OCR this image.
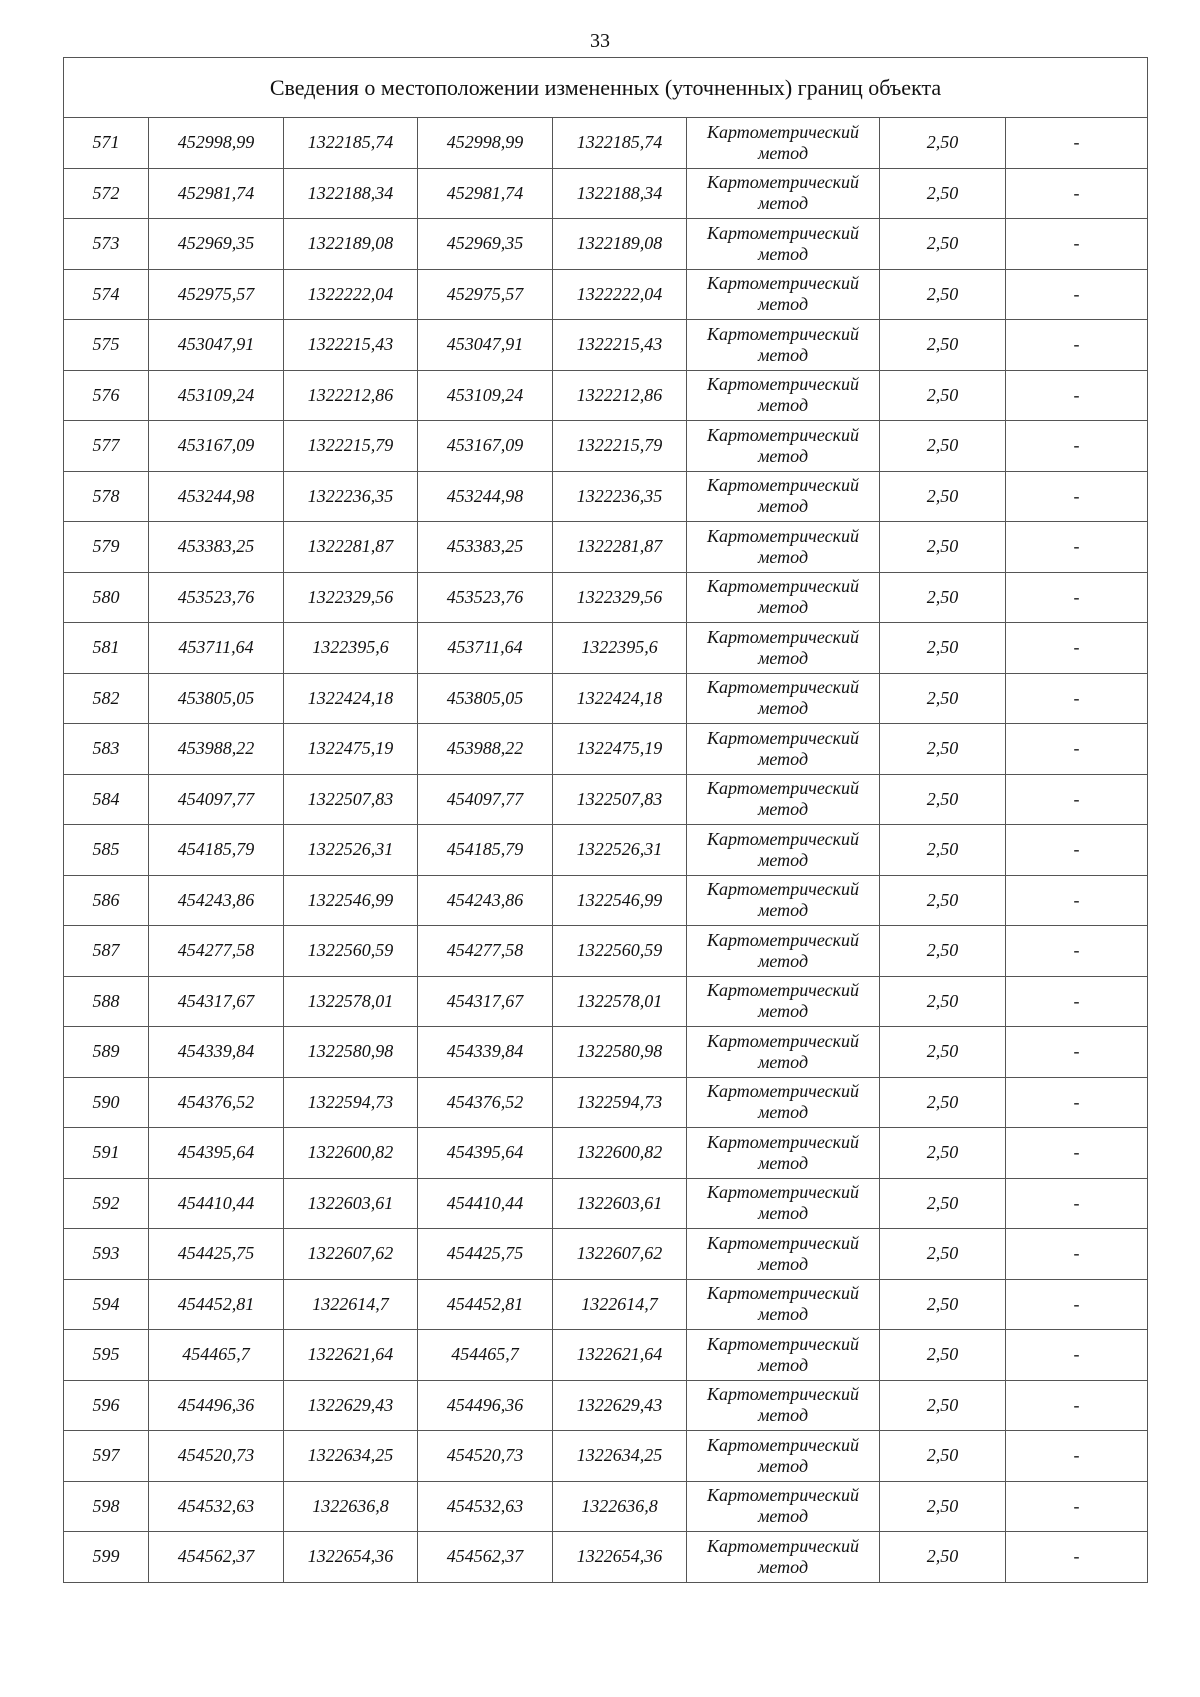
33
Сведения о местоположении измененных (уточненных) границ объекта							
571	452998,99	1322185,74	452998,99	1322185,74	Картометрический метод	2,50	-
572	452981,74	1322188,34	452981,74	1322188,34	Картометрический метод	2,50	-
573	452969,35	1322189,08	452969,35	1322189,08	Картометрический метод	2,50	-
574	452975,57	1322222,04	452975,57	1322222,04	Картометрический метод	2,50	-
575	453047,91	1322215,43	453047,91	1322215,43	Картометрический метод	2,50	-
576	453109,24	1322212,86	453109,24	1322212,86	Картометрический метод	2,50	-
577	453167,09	1322215,79	453167,09	1322215,79	Картометрический метод	2,50	-
578	453244,98	1322236,35	453244,98	1322236,35	Картометрический метод	2,50	-
579	453383,25	1322281,87	453383,25	1322281,87	Картометрический метод	2,50	-
580	453523,76	1322329,56	453523,76	1322329,56	Картометрический метод	2,50	-
581	453711,64	1322395,6	453711,64	1322395,6	Картометрический метод	2,50	-
582	453805,05	1322424,18	453805,05	1322424,18	Картометрический метод	2,50	-
583	453988,22	1322475,19	453988,22	1322475,19	Картометрический метод	2,50	-
584	454097,77	1322507,83	454097,77	1322507,83	Картометрический метод	2,50	-
585	454185,79	1322526,31	454185,79	1322526,31	Картометрический метод	2,50	-
586	454243,86	1322546,99	454243,86	1322546,99	Картометрический метод	2,50	-
587	454277,58	1322560,59	454277,58	1322560,59	Картометрический метод	2,50	-
588	454317,67	1322578,01	454317,67	1322578,01	Картометрический метод	2,50	-
589	454339,84	1322580,98	454339,84	1322580,98	Картометрический метод	2,50	-
590	454376,52	1322594,73	454376,52	1322594,73	Картометрический метод	2,50	-
591	454395,64	1322600,82	454395,64	1322600,82	Картометрический метод	2,50	-
592	454410,44	1322603,61	454410,44	1322603,61	Картометрический метод	2,50	-
593	454425,75	1322607,62	454425,75	1322607,62	Картометрический метод	2,50	-
594	454452,81	1322614,7	454452,81	1322614,7	Картометрический метод	2,50	-
595	454465,7	1322621,64	454465,7	1322621,64	Картометрический метод	2,50	-
596	454496,36	1322629,43	454496,36	1322629,43	Картометрический метод	2,50	-
597	454520,73	1322634,25	454520,73	1322634,25	Картометрический метод	2,50	-
598	454532,63	1322636,8	454532,63	1322636,8	Картометрический метод	2,50	-
599	454562,37	1322654,36	454562,37	1322654,36	Картометрический метод	2,50	-
